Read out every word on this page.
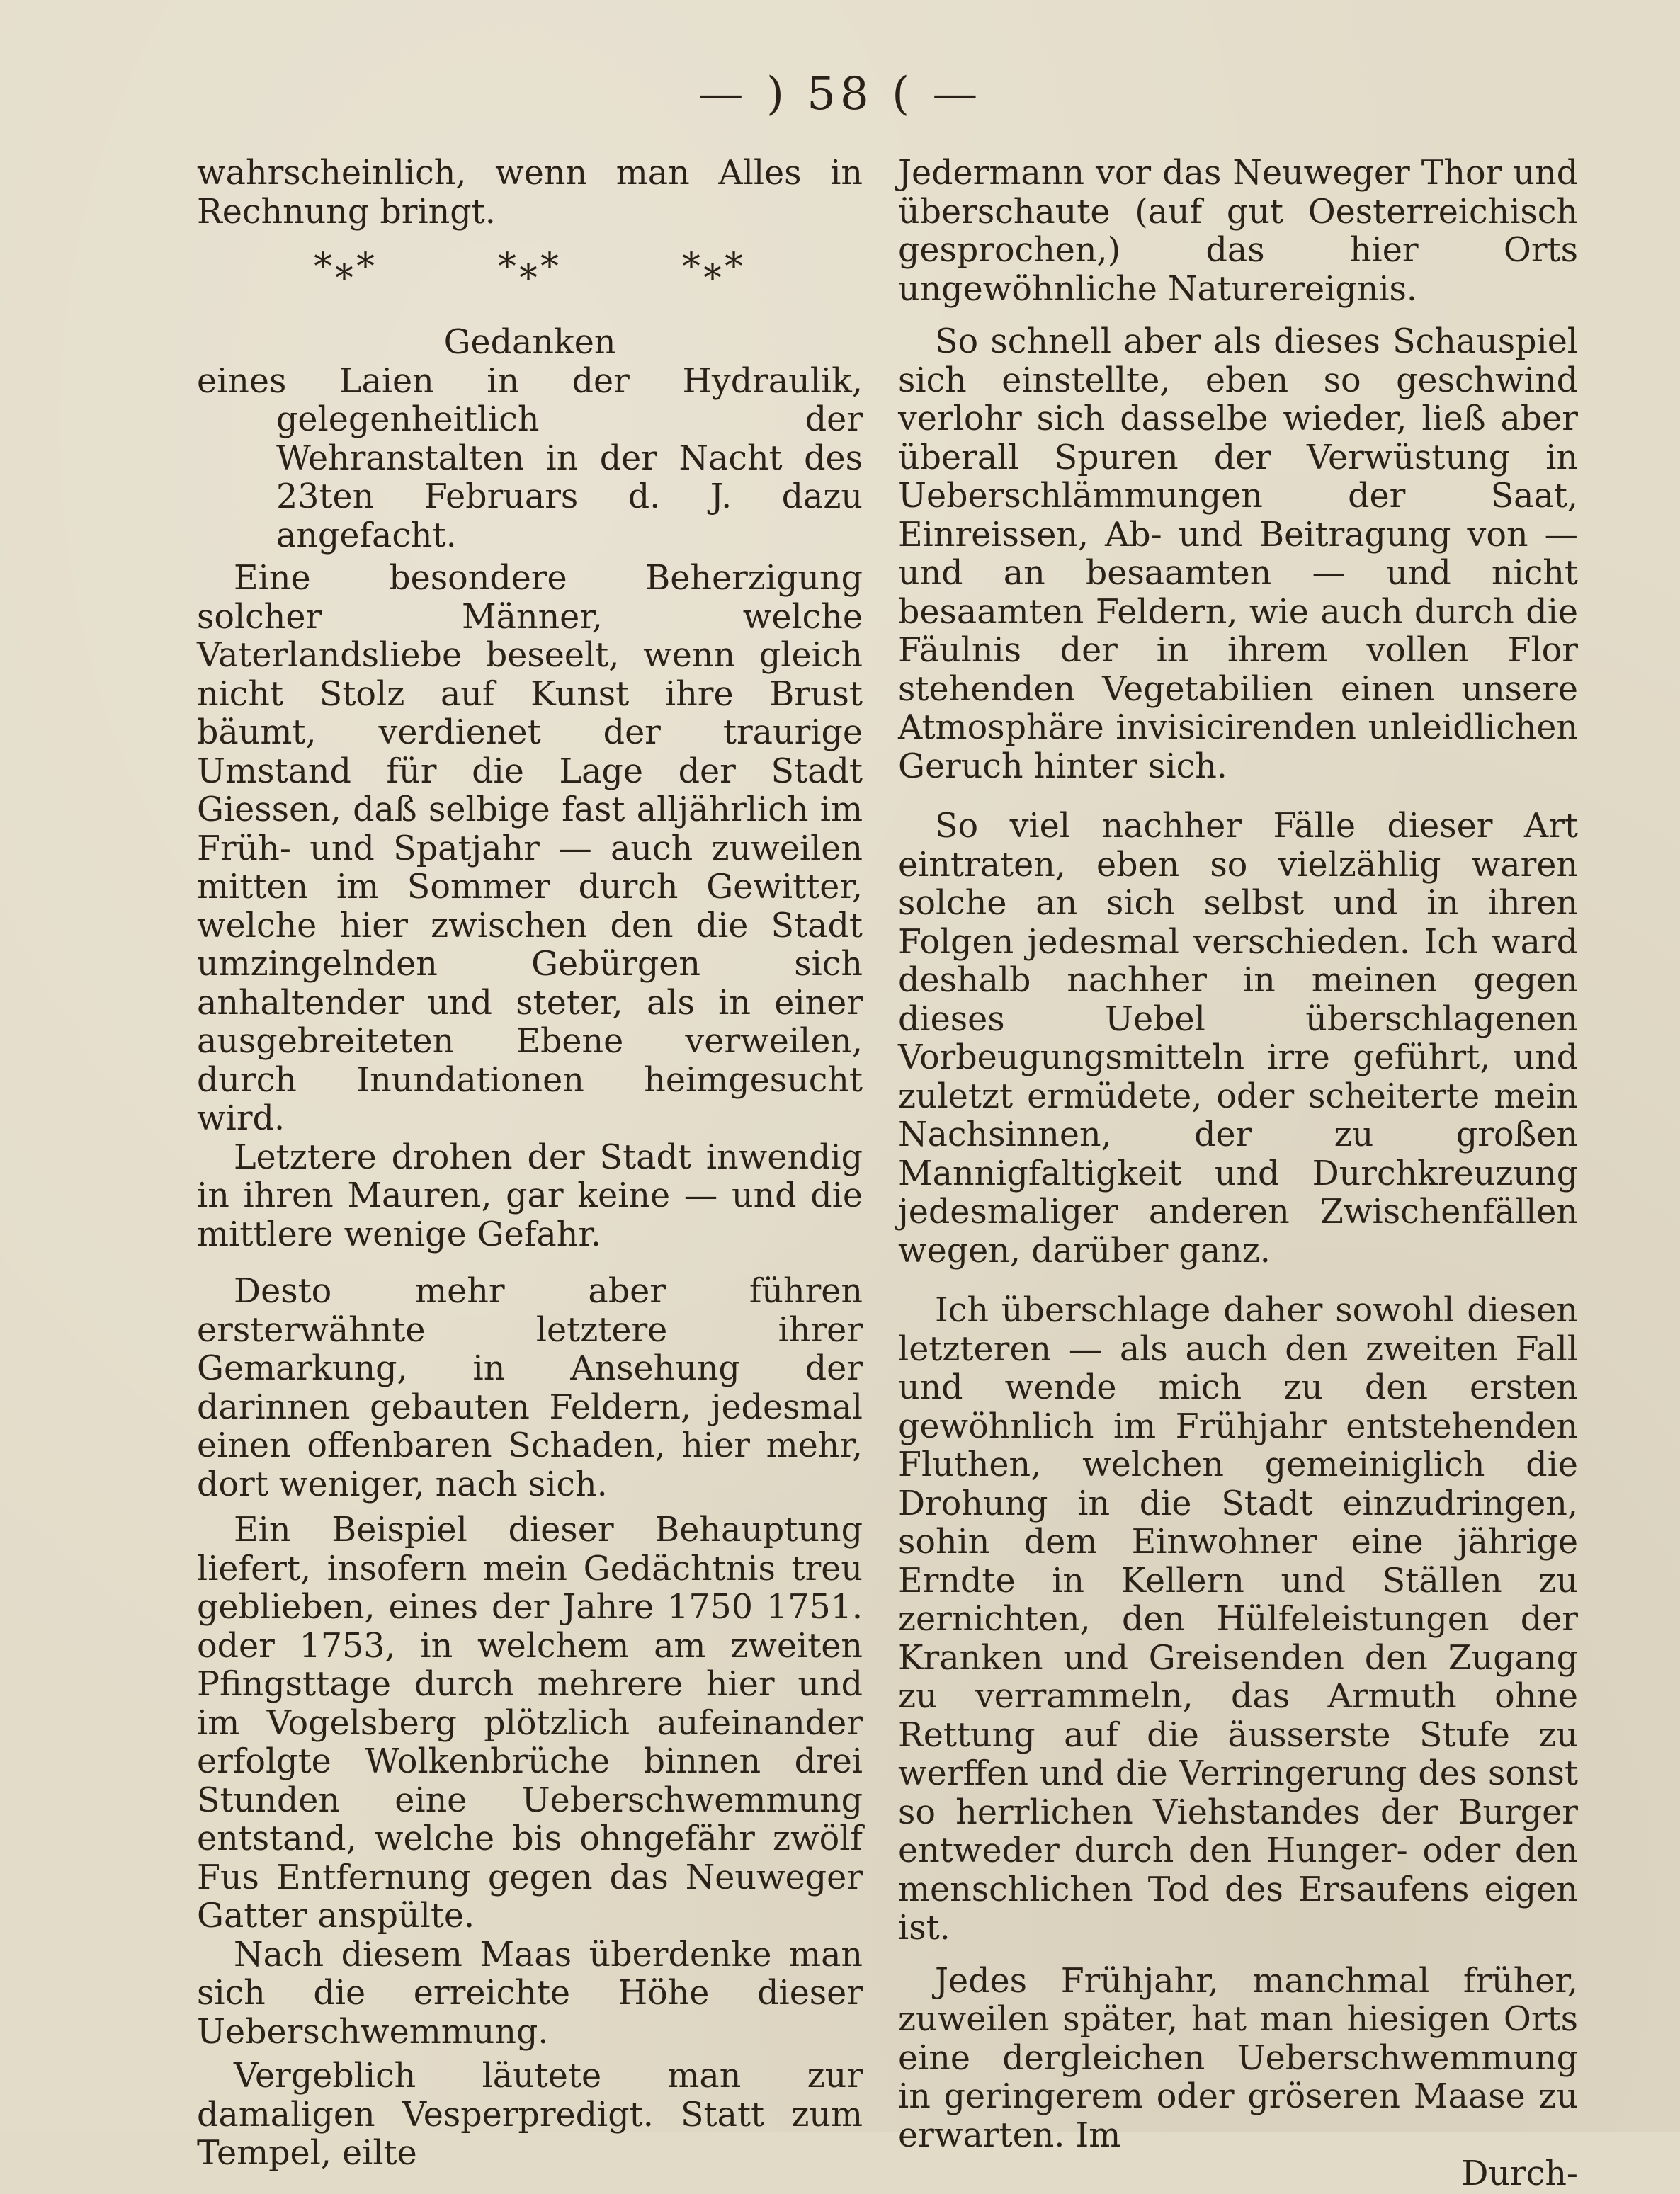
— ) 58 ( —

wahrscheinlich, wenn man Alles in Rechnung bringt.

*⁎*	*⁎*	*⁎*
Gedanken

eines Laien in der Hydraulik, gelegenheitlich der Wehranstalten in der Nacht des 23ten Februars d. J. dazu angefacht.

Eine besondere Beherzigung solcher Männer, welche Vaterlandsliebe beseelt, wenn gleich nicht Stolz auf Kunst ihre Brust bäumt, verdienet der traurige Umstand für die Lage der Stadt Giessen, daß selbige fast alljährlich im Früh- und Spatjahr — auch zuweilen mitten im Sommer durch Gewitter, welche hier zwischen den die Stadt umzingelnden Gebürgen sich anhaltender und steter, als in einer ausgebreiteten Ebene verweilen, durch Inundationen heimgesucht wird.

Letztere drohen der Stadt inwendig in ihren Mauren, gar keine — und die mittlere wenige Gefahr.

Desto mehr aber führen ersterwähnte letztere ihrer Gemarkung, in Ansehung der darinnen gebauten Feldern, jedesmal einen offenbaren Schaden, hier mehr, dort weniger, nach sich.

Ein Beispiel dieser Behauptung liefert, insofern mein Gedächtnis treu geblieben, eines der Jahre 1750 1751. oder 1753, in welchem am zweiten Pfingsttage durch mehrere hier und im Vogelsberg plötzlich aufeinander erfolgte Wolkenbrüche binnen drei Stunden eine Ueberschwemmung entstand, welche bis ohngefähr zwölf Fus Entfernung gegen das Neuweger Gatter anspülte.

Nach diesem Maas überdenke man sich die erreichte Höhe dieser Ueberschwemmung.

Vergeblich läutete man zur damaligen Vesperpredigt. Statt zum Tempel, eilte

Jedermann vor das Neuweger Thor und überschaute (auf gut Oesterreichisch gesprochen,) das hier Orts ungewöhnliche Naturereignis.

So schnell aber als dieses Schauspiel sich einstellte, eben so geschwind verlohr sich dasselbe wieder, ließ aber überall Spuren der Verwüstung in Ueberschlämmungen der Saat, Einreissen, Ab- und Beitragung von — und an besaamten — und nicht besaamten Feldern, wie auch durch die Fäulnis der in ihrem vollen Flor stehenden Vegetabilien einen unsere Atmosphäre invisicirenden unleidlichen Geruch hinter sich.

So viel nachher Fälle dieser Art eintraten, eben so vielzählig waren solche an sich selbst und in ihren Folgen jedesmal verschieden. Ich ward deshalb nachher in meinen gegen dieses Uebel überschlagenen Vorbeugungsmitteln irre geführt, und zuletzt ermüdete, oder scheiterte mein Nachsinnen, der zu großen Mannigfaltigkeit und Durchkreuzung jedesmaliger anderen Zwischenfällen wegen, darüber ganz.

Ich überschlage daher sowohl diesen letzteren — als auch den zweiten Fall und wende mich zu den ersten gewöhnlich im Frühjahr entstehenden Fluthen, welchen gemeiniglich die Drohung in die Stadt einzudringen, sohin dem Einwohner eine jährige Erndte in Kellern und Ställen zu zernichten, den Hülfeleistungen der Kranken und Greisenden den Zugang zu verrammeln, das Armuth ohne Rettung auf die äusserste Stufe zu werffen und die Verringerung des sonst so herrlichen Viehstandes der Burger entweder durch den Hunger- oder den menschlichen Tod des Ersaufens eigen ist.

Jedes Frühjahr, manchmal früher, zuweilen später, hat man hiesigen Orts eine dergleichen Ueberschwemmung in geringerem oder gröseren Maase zu erwarten. Im

Durch-
